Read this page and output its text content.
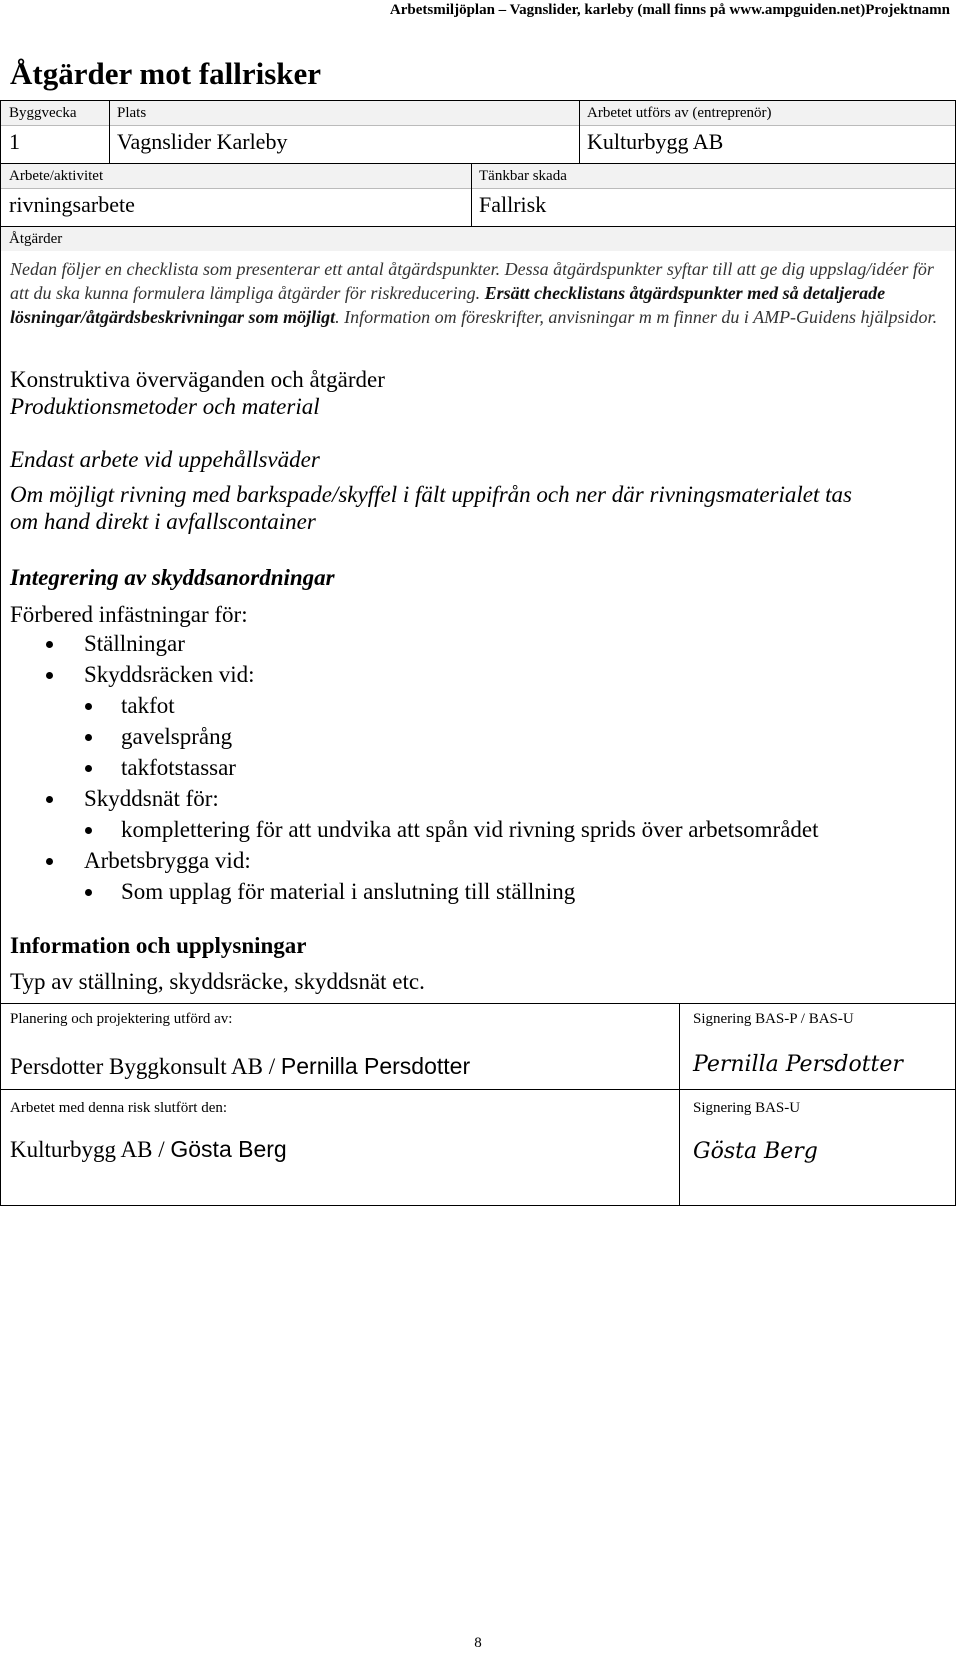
Arbetsmiljöplan – Vagnslider, karleby (mall finns på www.ampguiden.net)Projektnamn
Åtgärder mot fallrisker
Byggvecka	Plats	Arbetet utförs av (entreprenör)
1	Vagnslider Karleby	Kulturbygg AB
Arbete/aktivitet	Tänkbar skada
rivningsarbete	Fallrisk
Åtgärder
Nedan följer en checklista som presenterar ett antal åtgärdspunkter. Dessa åtgärdspunkter syftar till att ge dig uppslag/idéer för att du ska kunna formulera lämpliga åtgärder för riskreducering. Ersätt checklistans åtgärdspunkter med så detaljerade lösningar/åtgärdsbeskrivningar som möjligt. Information om föreskrifter, anvisningar m m finner du i AMP-Guidens hjälpsidor.
Konstruktiva överväganden och åtgärder
Produktionsmetoder och material
Endast arbete vid uppehållsväder
Om möjligt rivning med barkspade/skyffel i fält uppifrån och ner där rivningsmaterialet tas
om hand direkt i avfallscontainer
Integrering av skyddsanordningar
Förbered infästningar för:
Ställningar
Skyddsräcken vid:
takfot
gavelsprång
takfotstassar
Skyddsnät för:
komplettering för att undvika att spån vid rivning sprids över arbetsområdet
Arbetsbrygga vid:
Som upplag för material i anslutning till ställning
Information och upplysningar
Typ av ställning, skyddsräcke, skyddsnät etc.
Planering och projektering utförd av:	Signering BAS-P / BAS-U
Persdotter Byggkonsult AB / Pernilla Persdotter	Pernilla Persdotter
Arbetet med denna risk slutfört den:	Signering BAS-U
Kulturbygg AB / Gösta Berg	Gösta Berg
8
